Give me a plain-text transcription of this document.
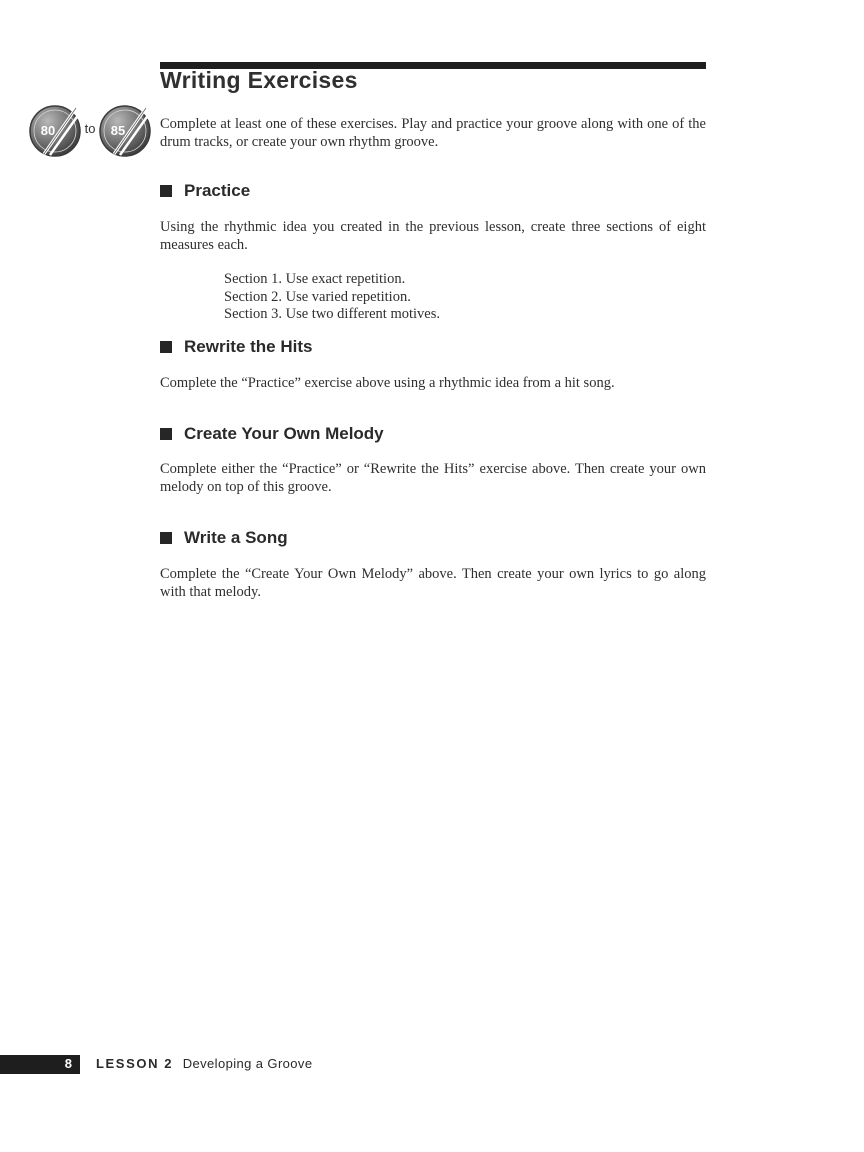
Writing Exercises
80 to 85 Complete at least one of these exercises. Play and practice your groove along with one of the drum tracks, or create your own rhythm groove.

Practice

Using the rhythmic idea you created in the previous lesson, create three sections of eight measures each.

Section 1. Use exact repetition.
Section 2. Use varied repetition.
Section 3. Use two different motives.
Rewrite the Hits

Complete the “Practice” exercise above using a rhythmic idea from a hit song.

Create Your Own Melody

Complete either the “Practice” or “Rewrite the Hits” exercise above. Then create your own melody on top of this groove.

Write a Song

Complete the “Create Your Own Melody” above. Then create your own lyrics to go along with that melody.

8 LESSON 2 Developing a Groove
